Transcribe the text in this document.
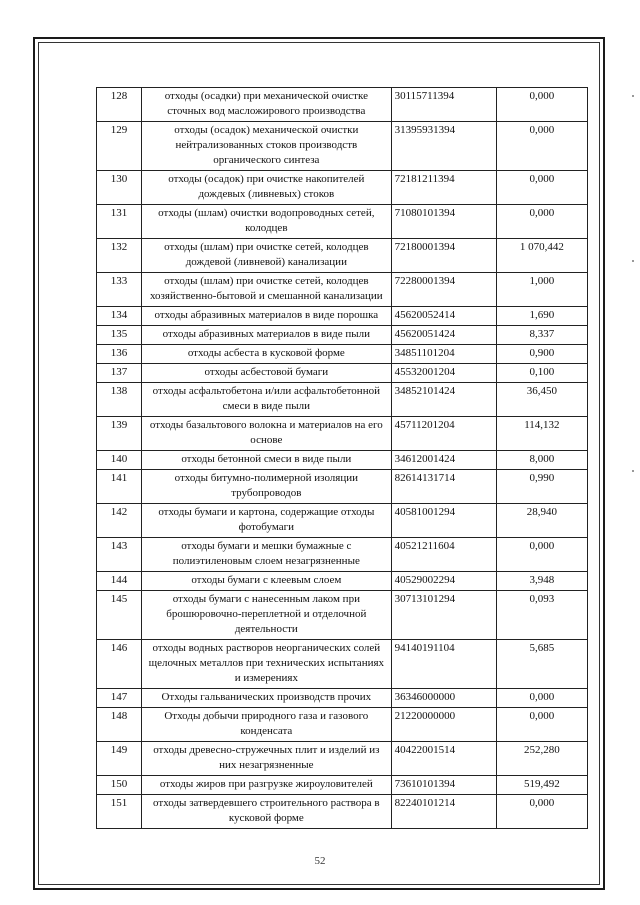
128	отходы (осадки) при механической очистке сточных вод масложирового производства	30115711394	0,000
129	отходы (осадок) механической очистки нейтрализованных стоков производств органического синтеза	31395931394	0,000
130	отходы (осадок) при очистке накопителей дождевых (ливневых) стоков	72181211394	0,000
131	отходы (шлам) очистки водопроводных сетей, колодцев	71080101394	0,000
132	отходы (шлам) при очистке сетей, колодцев дождевой (ливневой) канализации	72180001394	1 070,442
133	отходы (шлам) при очистке сетей, колодцев хозяйственно-бытовой и смешанной канализации	72280001394	1,000
134	отходы абразивных материалов в виде порошка	45620052414	1,690
135	отходы абразивных материалов в виде пыли	45620051424	8,337
136	отходы асбеста в кусковой форме	34851101204	0,900
137	отходы асбестовой бумаги	45532001204	0,100
138	отходы асфальтобетона и/или асфальтобетонной смеси в виде пыли	34852101424	36,450
139	отходы базальтового волокна и материалов на его основе	45711201204	114,132
140	отходы бетонной смеси в виде пыли	34612001424	8,000
141	отходы битумно-полимерной изоляции трубопроводов	82614131714	0,990
142	отходы бумаги и картона, содержащие отходы фотобумаги	40581001294	28,940
143	отходы бумаги и мешки бумажные с полиэтиленовым слоем незагрязненные	40521211604	0,000
144	отходы бумаги с клеевым слоем	40529002294	3,948
145	отходы бумаги с нанесенным лаком при брошюровочно-переплетной и отделочной деятельности	30713101294	0,093
146	отходы водных растворов неорганических солей щелочных металлов при технических испытаниях и измерениях	94140191104	5,685
147	Отходы гальванических производств прочих	36346000000	0,000
148	Отходы добычи природного газа и газового конденсата	21220000000	0,000
149	отходы древесно-стружечных плит и изделий из них незагрязненные	40422001514	252,280
150	отходы жиров при разгрузке жироуловителей	73610101394	519,492
151	отходы затвердевшего строительного раствора в кусковой форме	82240101214	0,000
52
